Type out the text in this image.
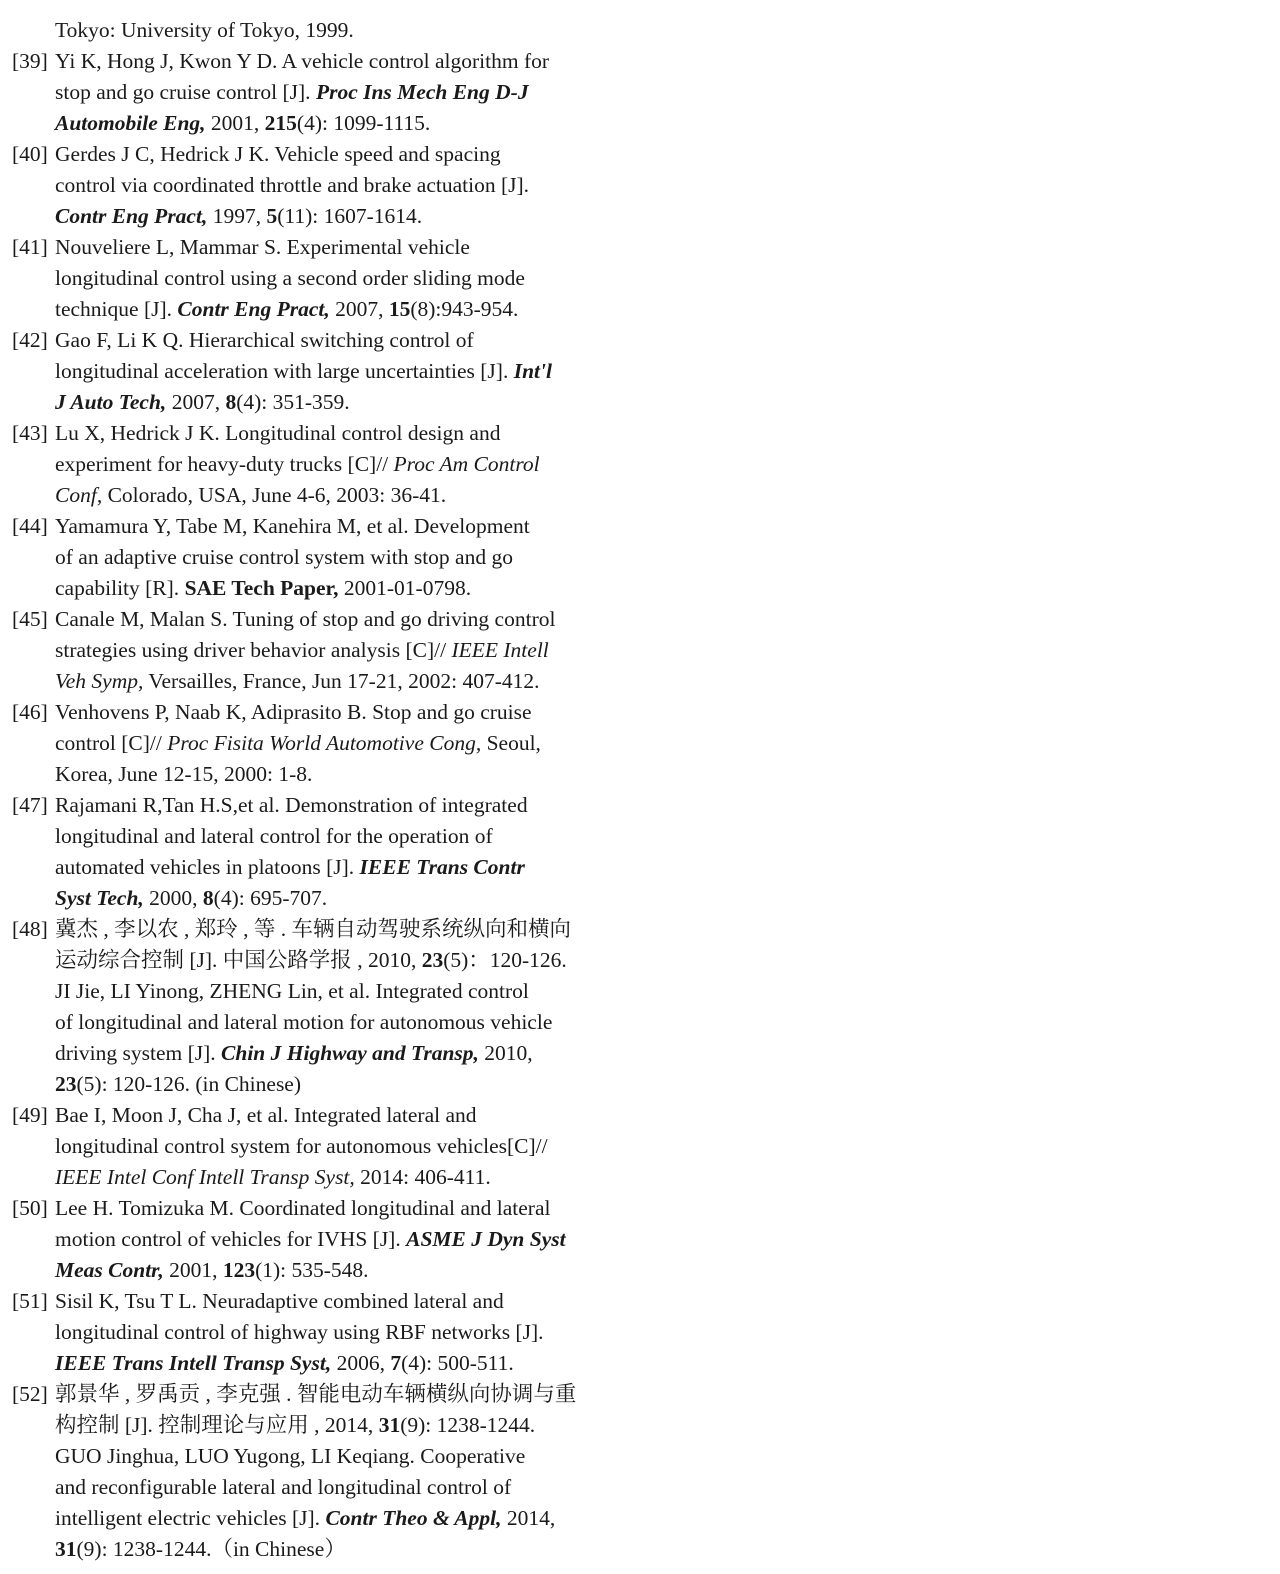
Tokyo: University of Tokyo, 1999.
[39] Yi K, Hong J, Kwon Y D. A vehicle control algorithm for
stop and go cruise control [J]. Proc Ins Mech Eng D-J
Automobile Eng, 2001, 215(4): 1099-1115.
[40] Gerdes J C, Hedrick J K. Vehicle speed and spacing
control via coordinated throttle and brake actuation [J].
Contr Eng Pract, 1997, 5(11): 1607-1614.
[41] Nouveliere L, Mammar S. Experimental vehicle
longitudinal control using a second order sliding mode
technique [J]. Contr Eng Pract, 2007, 15(8):943-954.
[42] Gao F, Li K Q. Hierarchical switching control of
longitudinal acceleration with large uncertainties [J]. Int'l
J Auto Tech, 2007, 8(4): 351-359.
[43] Lu X, Hedrick J K. Longitudinal control design and
experiment for heavy-duty trucks [C]// Proc Am Control
Conf, Colorado, USA, June 4-6, 2003: 36-41.
[44] Yamamura Y, Tabe M, Kanehira M, et al. Development
of an adaptive cruise control system with stop and go
capability [R]. SAE Tech Paper, 2001-01-0798.
[45] Canale M, Malan S. Tuning of stop and go driving control
strategies using driver behavior analysis [C]// IEEE Intell
Veh Symp, Versailles, France, Jun 17-21, 2002: 407-412.
[46] Venhovens P, Naab K, Adiprasito B. Stop and go cruise
control [C]// Proc Fisita World Automotive Cong, Seoul,
Korea, June 12-15, 2000: 1-8.
[47] Rajamani R,Tan H.S,et al. Demonstration of integrated
longitudinal and lateral control for the operation of
automated vehicles in platoons [J]. IEEE Trans Contr
Syst Tech, 2000, 8(4): 695-707.
[48] 冀杰 , 李以农 , 郑玲 , 等 . 车辆自动驾驶系统纵向和横向
运动综合控制 [J]. 中国公路学报 , 2010, 23(5)：120-126.
JI Jie, LI Yinong, ZHENG Lin, et al. Integrated control
of longitudinal and lateral motion for autonomous vehicle
driving system [J]. Chin J Highway and Transp, 2010,
23(5): 120-126. (in Chinese)
[49] Bae I, Moon J, Cha J, et al. Integrated lateral and
longitudinal control system for autonomous vehicles[C]//
IEEE Intel Conf Intell Transp Syst, 2014: 406-411.
[50] Lee H. Tomizuka M. Coordinated longitudinal and lateral
motion control of vehicles for IVHS [J]. ASME J Dyn Syst
Meas Contr, 2001, 123(1): 535-548.
[51] Sisil K, Tsu T L. Neuradaptive combined lateral and
longitudinal control of highway using RBF networks [J].
IEEE Trans Intell Transp Syst, 2006, 7(4): 500-511.
[52] 郭景华 , 罗禹贡 , 李克强 . 智能电动车辆横纵向协调与重
构控制 [J]. 控制理论与应用 , 2014, 31(9): 1238-1244.
GUO Jinghua, LUO Yugong, LI Keqiang. Cooperative
and reconfigurable lateral and longitudinal control of
intelligent electric vehicles [J]. Contr Theo & Appl, 2014,
31(9): 1238-1244.（in Chinese）
